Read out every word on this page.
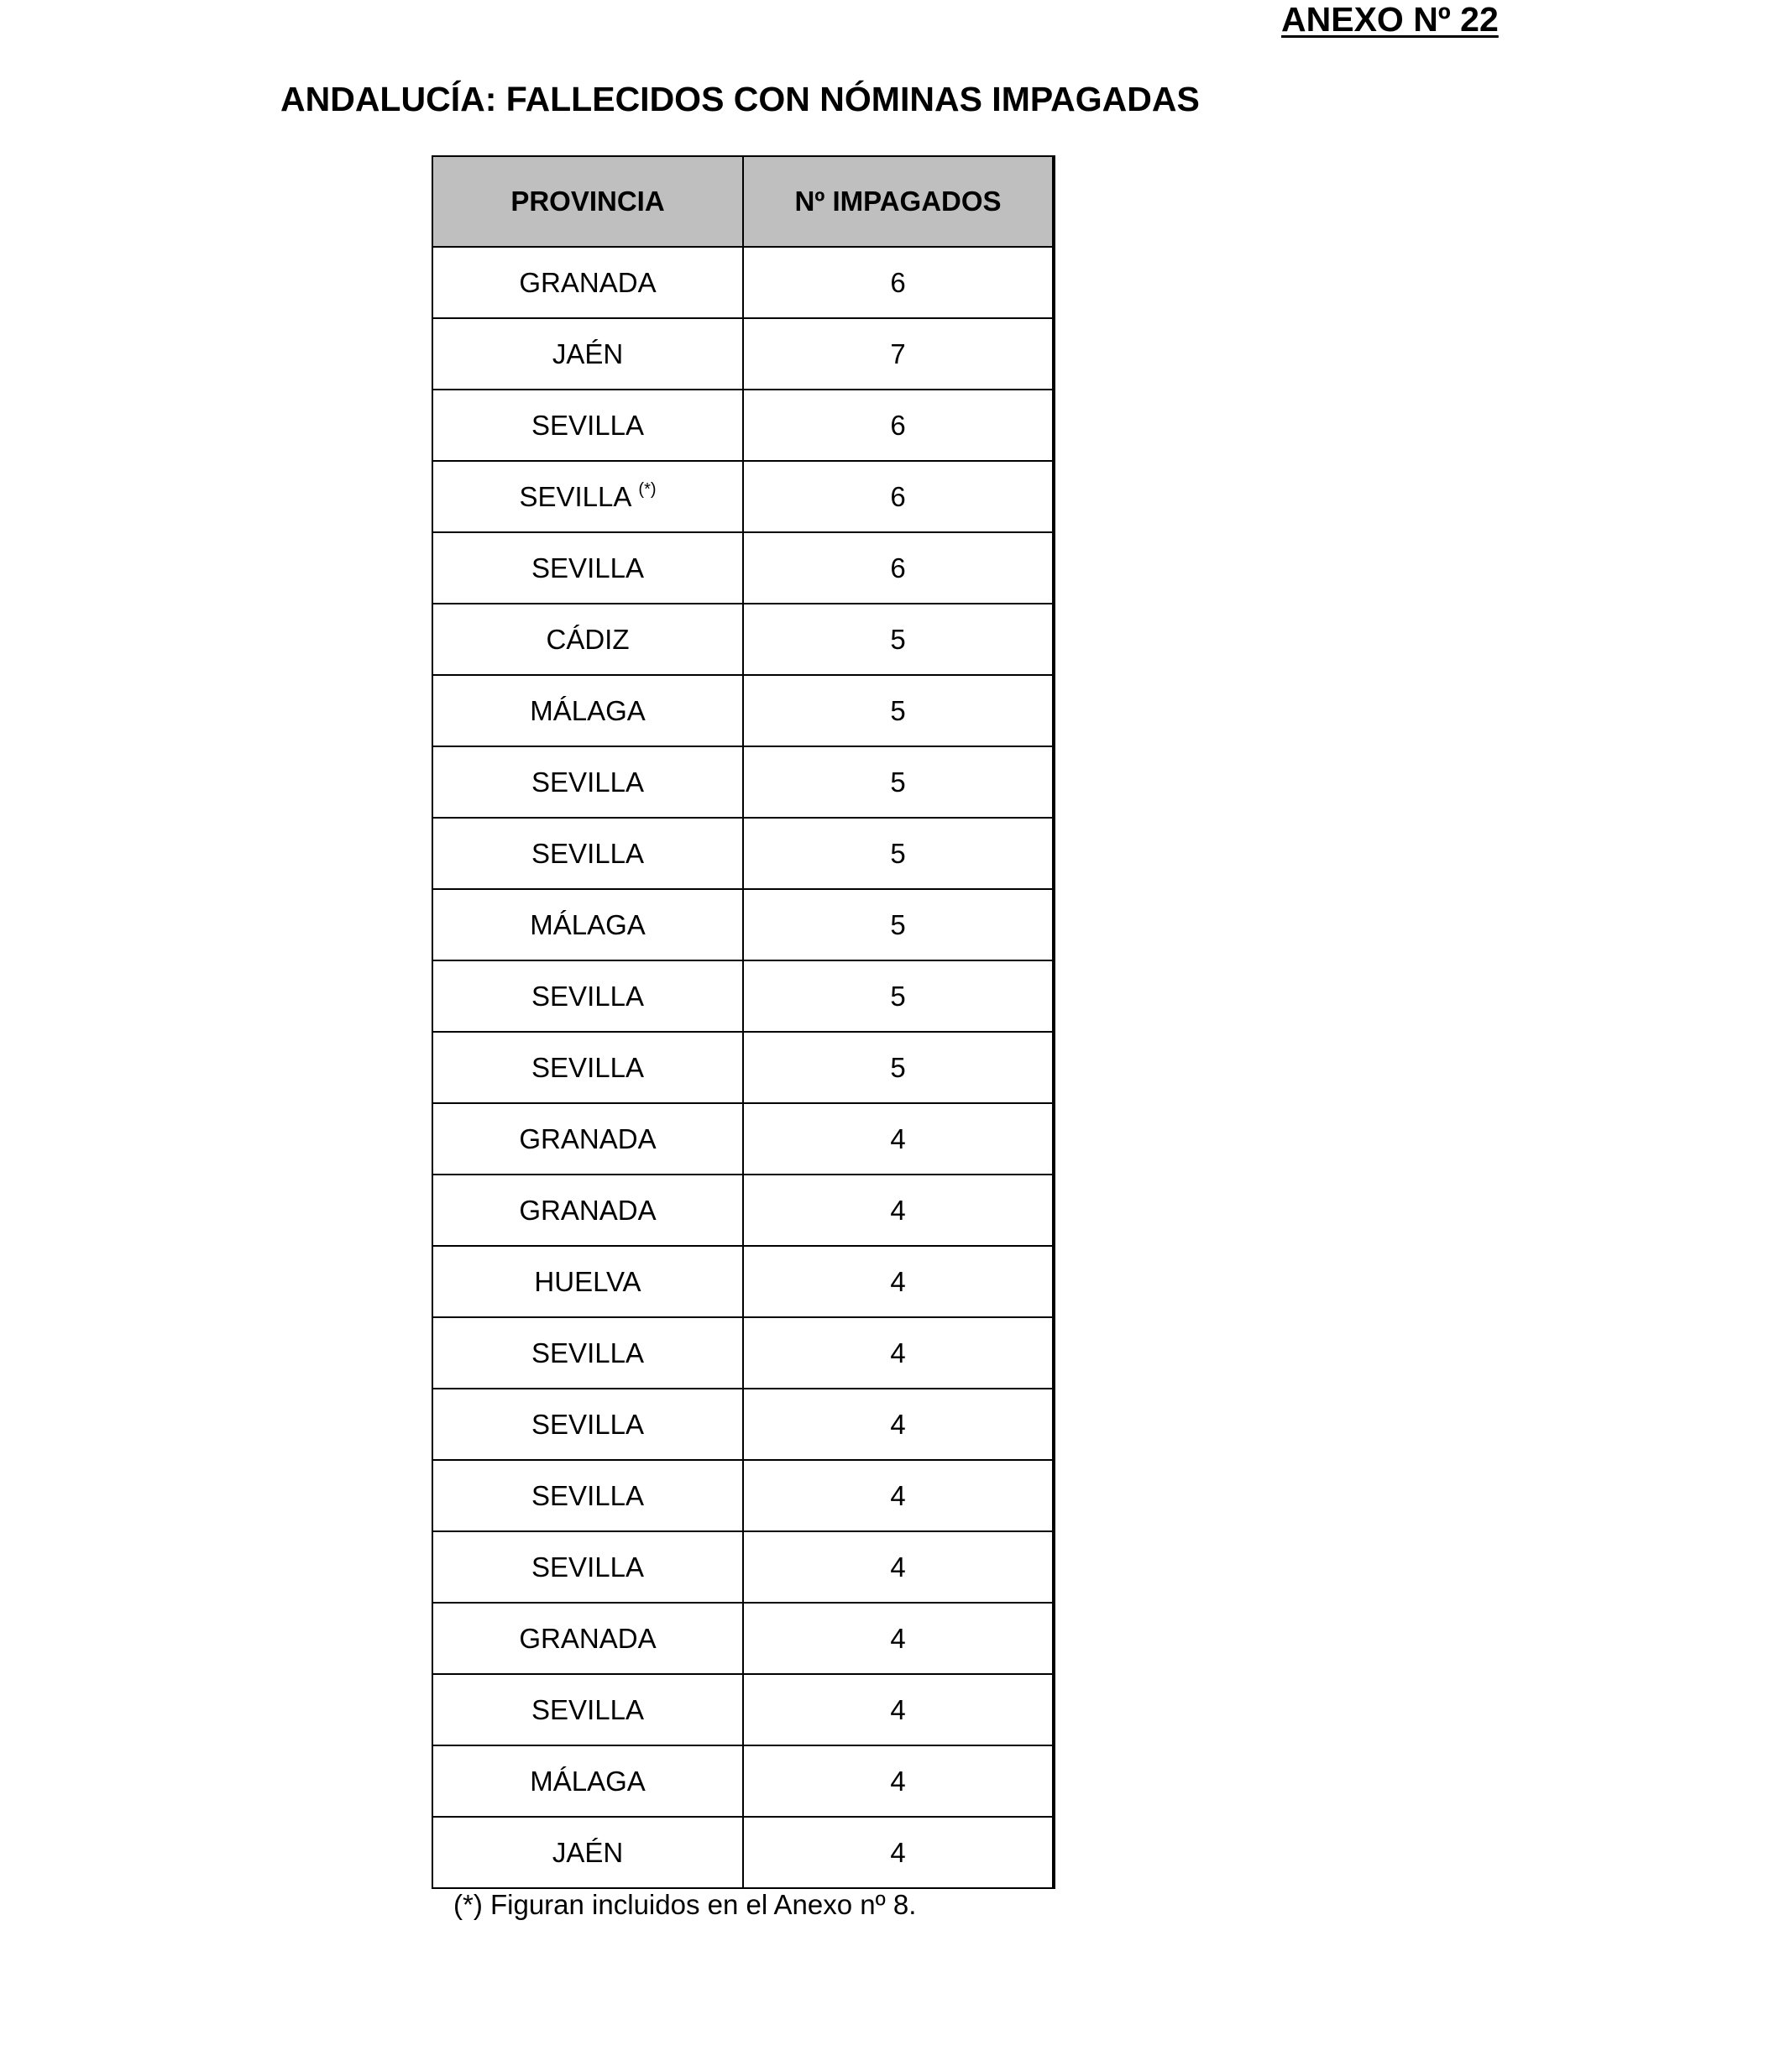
ANEXO Nº 22
ANDALUCÍA: FALLECIDOS CON NÓMINAS IMPAGADAS
PROVINCIA	Nº IMPAGADOS
GRANADA	6
JAÉN	7
SEVILLA	6
SEVILLA (*)	6
SEVILLA	6
CÁDIZ	5
MÁLAGA	5
SEVILLA	5
SEVILLA	5
MÁLAGA	5
SEVILLA	5
SEVILLA	5
GRANADA	4
GRANADA	4
HUELVA	4
SEVILLA	4
SEVILLA	4
SEVILLA	4
SEVILLA	4
GRANADA	4
SEVILLA	4
MÁLAGA	4
JAÉN	4
(*) Figuran incluidos en el Anexo nº 8.
